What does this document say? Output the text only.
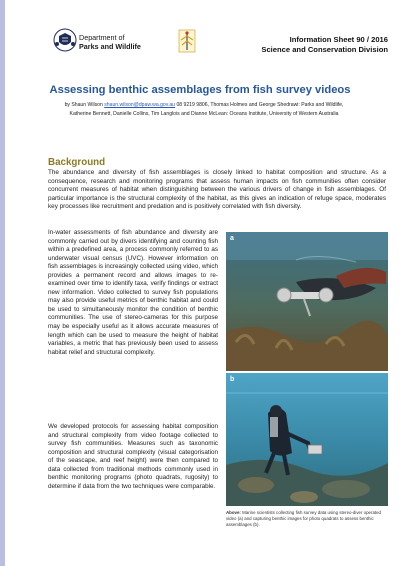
Department of
Parks and Wildlife
Information Sheet 90 / 2016
Science and Conservation Division
Assessing benthic assemblages from fish survey videos
by Shaun Wilson shaun.wilson@dpaw.wa.gov.au 08 9219 9806, Thomas Holmes and George Shedrawi: Parks and Wildlife,
Katherine Bennett, Danielle Collins, Tim Langlois and Dianne McLean: Oceans Institute, University of Western Australia
Background

The abundance and diversity of fish assemblages is closely linked to habitat composition and structure. As a consequence, research and monitoring programs that assess human impacts on fish communities often consider concurrent measures of habitat when distinguishing between the various drivers of change in fish assemblages. Of particular importance is the structural complexity of the habitat, as this gives an indication of refuge space, moderates key processes like recruitment and predation and is positively correlated with fish diversity.

In-water assessments of fish abundance and diversity are commonly carried out by divers identifying and counting fish within a predefined area, a process commonly referred to as underwater visual census (UVC). However information on fish assemblages is increasingly collected using video, which provides a permanent record and allows images to re-examined over time to identify taxa, verify findings or extract new information. Video collected to survey fish populations may also provide useful metrics of benthic habitat and could be used to simultaneously monitor the condition of benthic communities. The use of stereo-cameras for this purpose may be especially useful as it allows accurate measures of length which can be used to measure the height of habitat variables, a metric that has previously been used to assess habitat relief and structural complexity.

We developed protocols for assessing habitat composition and structural complexity from video footage collected to survey fish communities. Measures such as taxonomic composition and structural complexity (visual categorisation of the seascape, and reef height) were then compared to data collected from traditional methods commonly used in benthic monitoring programs (photo quadrats, rugosity) to determine if data from the two techniques were comparable.

a
b

Above: Marine scientists collecting fish survey data using stereo-diver operated video (a) and capturing benthic images for photo quadrats to assess benthic assemblages (b).
